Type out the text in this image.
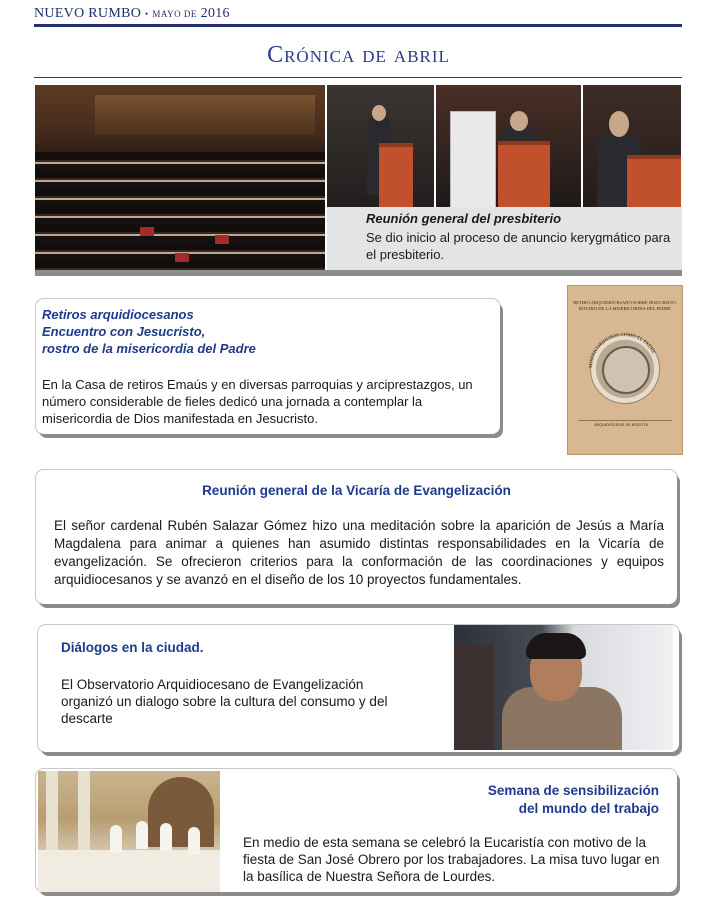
NUEVO RUMBO • MAYO DE 2016
Crónica de abril
Reunión general del presbiterio
Se dio inicio al proceso de anuncio kerygmático para el presbiterio.
Retiros arquidiocesanos
Encuentro con Jesucristo,
rostro de la misericordia del Padre
En la Casa de retiros Emaús y en diversas parroquias y arciprestazgos, un número considerable de fieles dedicó una jornada a contemplar la misericordia de Dios manifestada en Jesucristo.
RETIRO ARQUIDIOCESANO SOBRE JESUCRISTO, ROSTRO DE LA MISERICORDIA DEL PADRE
MISERICORDIOSOS COMO EL PADRE
ARQUIDIÓCESIS DE BOGOTÁ
Reunión general de la Vicaría de Evangelización
El señor cardenal Rubén Salazar Gómez hizo una meditación sobre la aparición de Jesús a María Magdalena para animar a quienes han asumido distintas responsabilidades en la Vicaría de evangelización. Se ofrecieron criterios para la conformación de las coordinaciones y equipos arquidiocesanos y se avanzó en el diseño de los 10 proyectos fundamentales.
Diálogos en la ciudad.
El Observatorio Arquidiocesano de Evangelización organizó un dialogo sobre la cultura del consumo y del descarte
Semana de sensibilización
del mundo del trabajo
En medio de esta semana se celebró la Eucaristía con motivo de la fiesta de San José Obrero por los trabajadores. La misa tuvo lugar en la basílica de Nuestra Señora de Lourdes.
